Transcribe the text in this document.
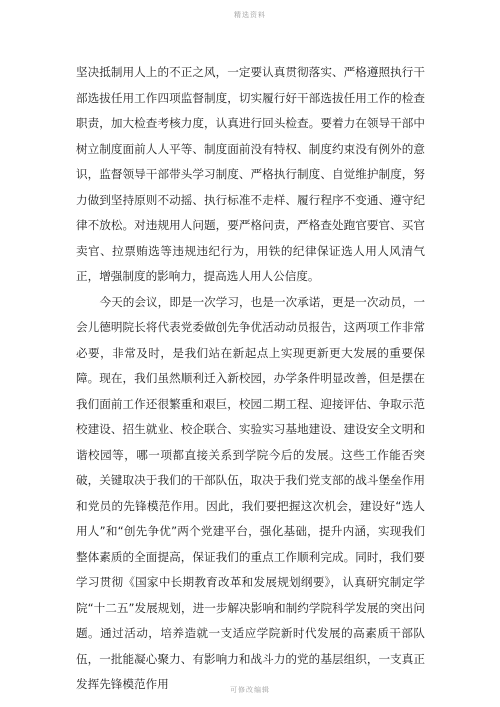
精选资料

坚决抵制用人上的不正之风，一定要认真贯彻落实、严格遵照执行干部选拔任用工作四项监督制度，切实履行好干部选拔任用工作的检查职责，加大检查考核力度，认真进行回头检查。要着力在领导干部中树立制度面前人人平等、制度面前没有特权、制度约束没有例外的意识，监督领导干部带头学习制度、严格执行制度、自觉维护制度，努力做到坚持原则不动摇、执行标准不走样、履行程序不变通、遵守纪律不放松。对违规用人问题，要严格问责，严格查处跑官要官、买官卖官、拉票贿选等违规违纪行为，用铁的纪律保证选人用人风清气正，增强制度的影响力，提高选人用人公信度。

今天的会议，即是一次学习，也是一次承诺，更是一次动员，一会儿德明院长将代表党委做创先争优活动动员报告，这两项工作非常必要，非常及时，是我们站在新起点上实现更新更大发展的重要保障。现在，我们虽然顺利迁入新校园，办学条件明显改善，但是摆在我们面前工作还很繁重和艰巨，校园二期工程、迎接评估、争取示范校建设、招生就业、校企联合、实验实习基地建设、建设安全文明和谐校园等，哪一项都直接关系到学院今后的发展。这些工作能否突破，关键取决于我们的干部队伍，取决于我们党支部的战斗堡垒作用和党员的先锋模范作用。因此，我们要把握这次机会，建设好“选人用人”和“创先争优”两个党建平台，强化基础，提升内涵，实现我们整体素质的全面提高，保证我们的重点工作顺利完成。同时，我们要学习贯彻《国家中长期教育改革和发展规划纲要》，认真研究制定学院“十二五”发展规划，进一步解决影响和制约学院科学发展的突出问题。通过活动，培养造就一支适应学院新时代发展的高素质干部队伍，一批能凝心聚力、有影响力和战斗力的党的基层组织，一支真正发挥先锋模范作用	可修改编辑
